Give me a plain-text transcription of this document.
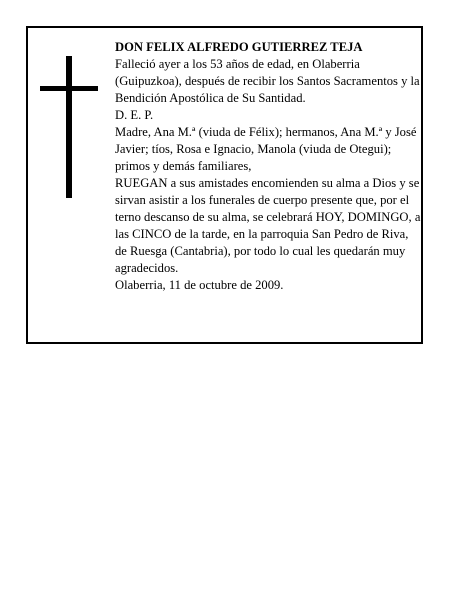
DON FELIX ALFREDO GUTIERREZ TEJA

Falleció ayer a los 53 años de edad, en Olaberria (Guipuzkoa), después de recibir los Santos Sacramentos y la Bendición Apostólica de Su Santidad.

D. E. P.

Madre, Ana M.ª (viuda de Félix); hermanos, Ana M.ª y José Javier; tíos, Rosa e Ignacio, Manola (viuda de Otegui); primos y demás familiares,

RUEGAN a sus amistades encomienden su alma a Dios y se sirvan asistir a los funerales de cuerpo presente que, por el terno descanso de su alma, se celebrará HOY, DOMINGO, a las CINCO de la tarde, en la parroquia San Pedro de Riva, de Ruesga (Cantabria), por todo lo cual les quedarán muy agradecidos.

Olaberria, 11 de octubre de 2009.
